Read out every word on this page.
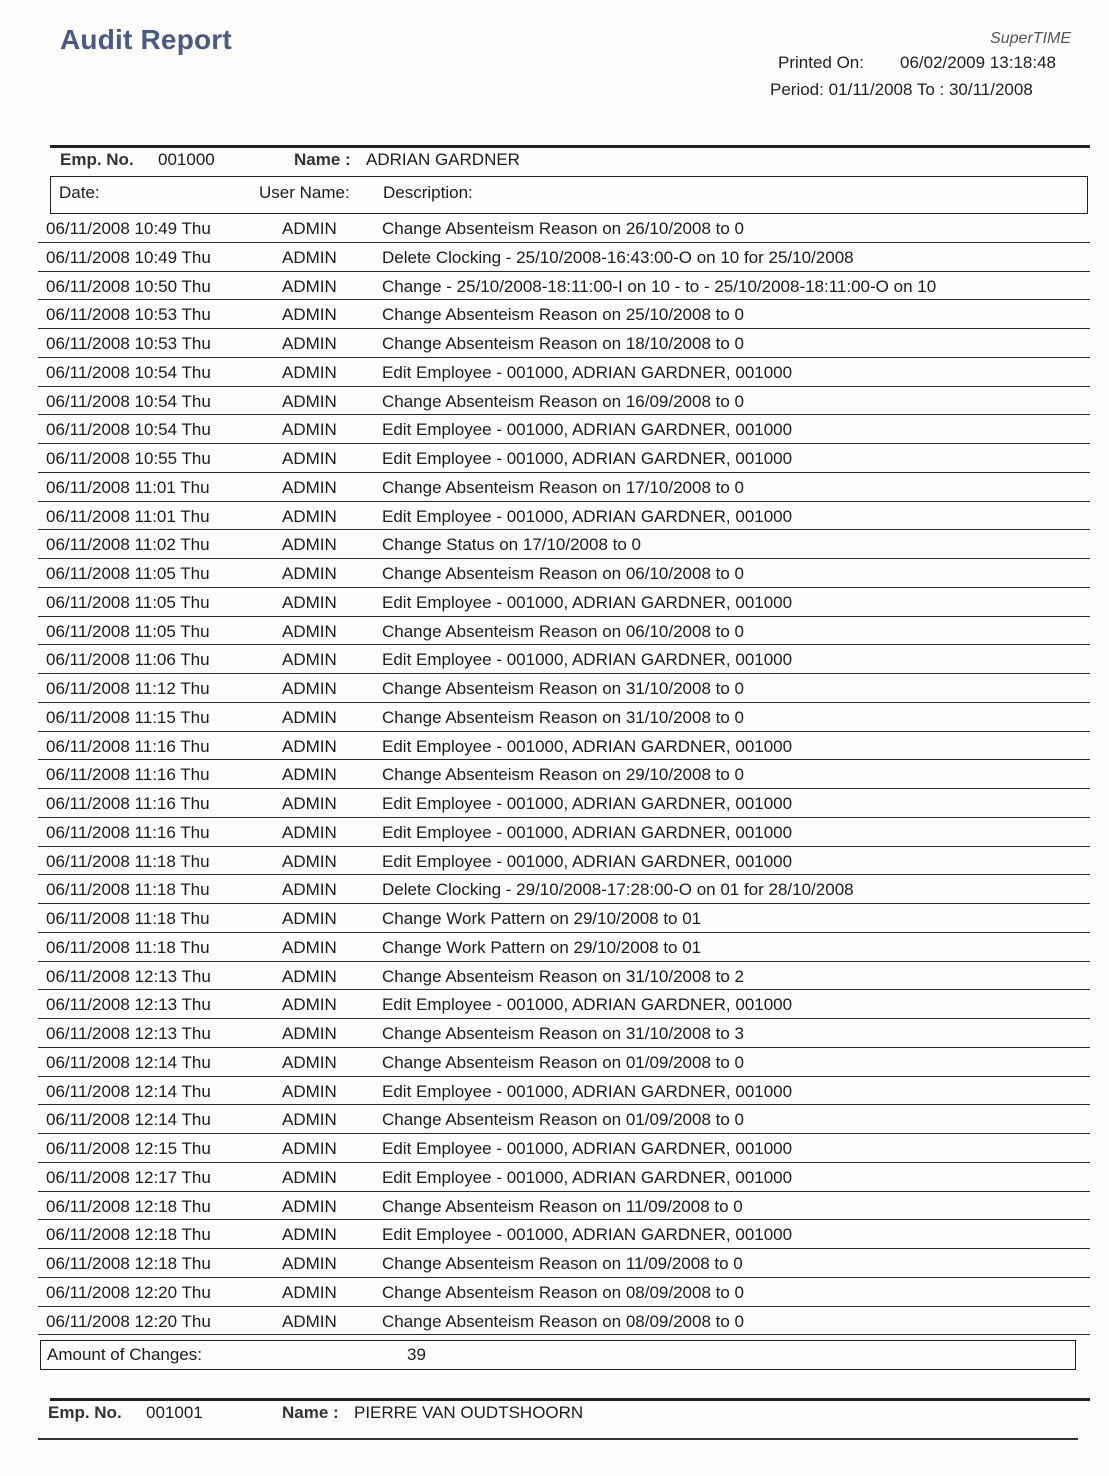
Audit Report	SuperTIME
Printed On: 06/02/2009 13:18:48
Period: 01/11/2008 To : 30/11/2008
Emp. No. 001000	Name : ADRIAN GARDNER
Date:	User Name: Description:
06/11/2008 10:49 Thu	ADMIN	Change Absenteism Reason on 26/10/2008 to 0
06/11/2008 10:49 Thu	ADMIN	Delete Clocking - 25/10/2008-16:43:00-O on 10 for 25/10/2008
06/11/2008 10:50 Thu	ADMIN	Change - 25/10/2008-18:11:00-I on 10 - to - 25/10/2008-18:11:00-O on 10
06/11/2008 10:53 Thu	ADMIN	Change Absenteism Reason on 25/10/2008 to 0
06/11/2008 10:53 Thu	ADMIN	Change Absenteism Reason on 18/10/2008 to 0
06/11/2008 10:54 Thu	ADMIN	Edit Employee - 001000, ADRIAN GARDNER, 001000
06/11/2008 10:54 Thu	ADMIN	Change Absenteism Reason on 16/09/2008 to 0
06/11/2008 10:54 Thu	ADMIN	Edit Employee - 001000, ADRIAN GARDNER, 001000
06/11/2008 10:55 Thu	ADMIN	Edit Employee - 001000, ADRIAN GARDNER, 001000
06/11/2008 11:01 Thu	ADMIN	Change Absenteism Reason on 17/10/2008 to 0
06/11/2008 11:01 Thu	ADMIN	Edit Employee - 001000, ADRIAN GARDNER, 001000
06/11/2008 11:02 Thu	ADMIN	Change Status on 17/10/2008 to 0
06/11/2008 11:05 Thu	ADMIN	Change Absenteism Reason on 06/10/2008 to 0
06/11/2008 11:05 Thu	ADMIN	Edit Employee - 001000, ADRIAN GARDNER, 001000
06/11/2008 11:05 Thu	ADMIN	Change Absenteism Reason on 06/10/2008 to 0
06/11/2008 11:06 Thu	ADMIN	Edit Employee - 001000, ADRIAN GARDNER, 001000
06/11/2008 11:12 Thu	ADMIN	Change Absenteism Reason on 31/10/2008 to 0
06/11/2008 11:15 Thu	ADMIN	Change Absenteism Reason on 31/10/2008 to 0
06/11/2008 11:16 Thu	ADMIN	Edit Employee - 001000, ADRIAN GARDNER, 001000
06/11/2008 11:16 Thu	ADMIN	Change Absenteism Reason on 29/10/2008 to 0
06/11/2008 11:16 Thu	ADMIN	Edit Employee - 001000, ADRIAN GARDNER, 001000
06/11/2008 11:16 Thu	ADMIN	Edit Employee - 001000, ADRIAN GARDNER, 001000
06/11/2008 11:18 Thu	ADMIN	Edit Employee - 001000, ADRIAN GARDNER, 001000
06/11/2008 11:18 Thu	ADMIN	Delete Clocking - 29/10/2008-17:28:00-O on 01 for 28/10/2008
06/11/2008 11:18 Thu	ADMIN	Change Work Pattern on 29/10/2008 to 01
06/11/2008 11:18 Thu	ADMIN	Change Work Pattern on 29/10/2008 to 01
06/11/2008 12:13 Thu	ADMIN	Change Absenteism Reason on 31/10/2008 to 2
06/11/2008 12:13 Thu	ADMIN	Edit Employee - 001000, ADRIAN GARDNER, 001000
06/11/2008 12:13 Thu	ADMIN	Change Absenteism Reason on 31/10/2008 to 3
06/11/2008 12:14 Thu	ADMIN	Change Absenteism Reason on 01/09/2008 to 0
06/11/2008 12:14 Thu	ADMIN	Edit Employee - 001000, ADRIAN GARDNER, 001000
06/11/2008 12:14 Thu	ADMIN	Change Absenteism Reason on 01/09/2008 to 0
06/11/2008 12:15 Thu	ADMIN	Edit Employee - 001000, ADRIAN GARDNER, 001000
06/11/2008 12:17 Thu	ADMIN	Edit Employee - 001000, ADRIAN GARDNER, 001000
06/11/2008 12:18 Thu	ADMIN	Change Absenteism Reason on 11/09/2008 to 0
06/11/2008 12:18 Thu	ADMIN	Edit Employee - 001000, ADRIAN GARDNER, 001000
06/11/2008 12:18 Thu	ADMIN	Change Absenteism Reason on 11/09/2008 to 0
06/11/2008 12:20 Thu	ADMIN	Change Absenteism Reason on 08/09/2008 to 0
06/11/2008 12:20 Thu	ADMIN	Change Absenteism Reason on 08/09/2008 to 0
Amount of Changes:	39
Emp. No. 001001	Name : PIERRE VAN OUDTSHOORN
